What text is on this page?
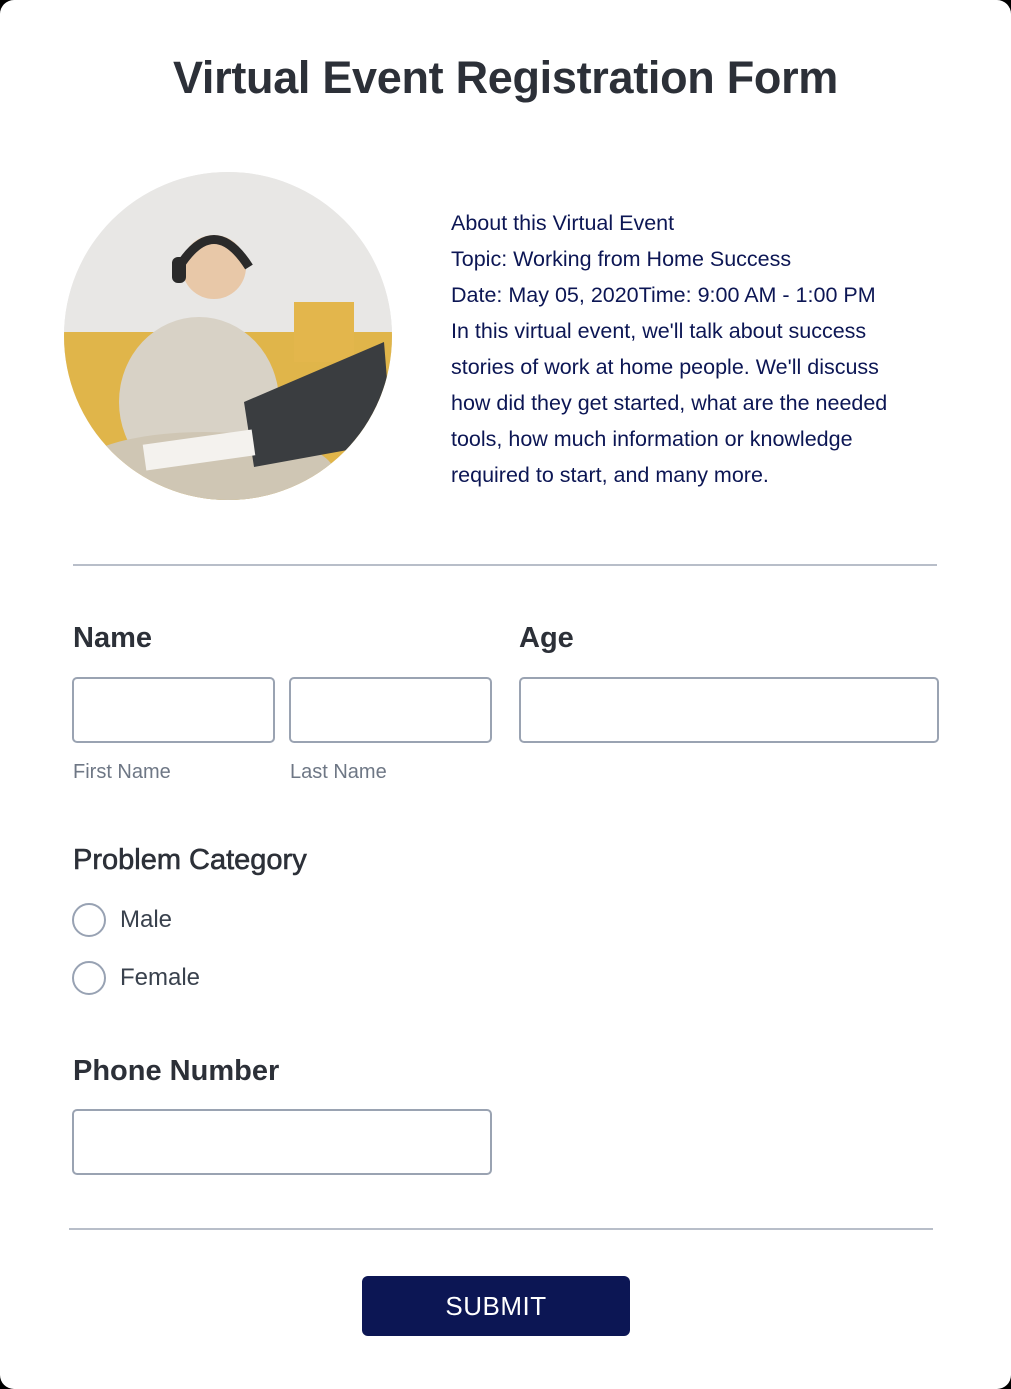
Virtual Event Registration Form
About this Virtual Event
Topic: Working from Home Success
Date: May 05, 2020Time: 9:00 AM - 1:00 PM
In this virtual event, we'll talk about success
stories of work at home people. We'll discuss
how did they get started, what are the needed
tools, how much information or knowledge
required to start, and many more.
Name
First Name	Last Name
Age
Problem Category
Male
Female
Phone Number
SUBMIT
